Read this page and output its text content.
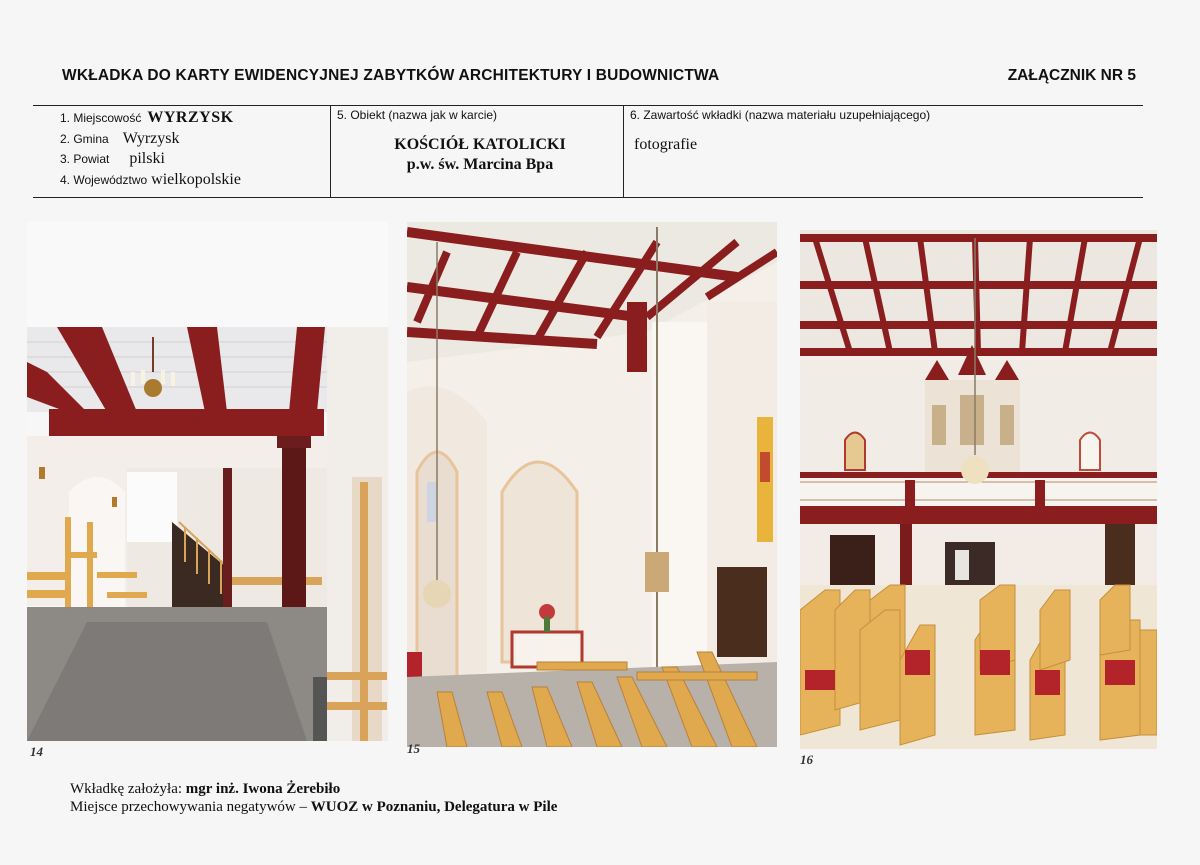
WKŁADKA DO KARTY EWIDENCYJNEJ ZABYTKÓW ARCHITEKTURY I BUDOWNICTWA	ZAŁĄCZNIK NR 5
1. Miejscowość WYRZYSK
2. Gmina Wyrzysk
3. Powiat pilski
4. Województwo wielkopolskie
5. Obiekt (nazwa jak w karcie)
KOŚCIÓŁ KATOLICKI
p.w. św. Marcina Bpa
6. Zawartość wkładki (nazwa materiału uzupełniającego)
fotografie
14	15
16
Wkładkę założyła: mgr inż. Iwona Żerebiło
Miejsce przechowywania negatywów – WUOZ w Poznaniu, Delegatura w Pile
